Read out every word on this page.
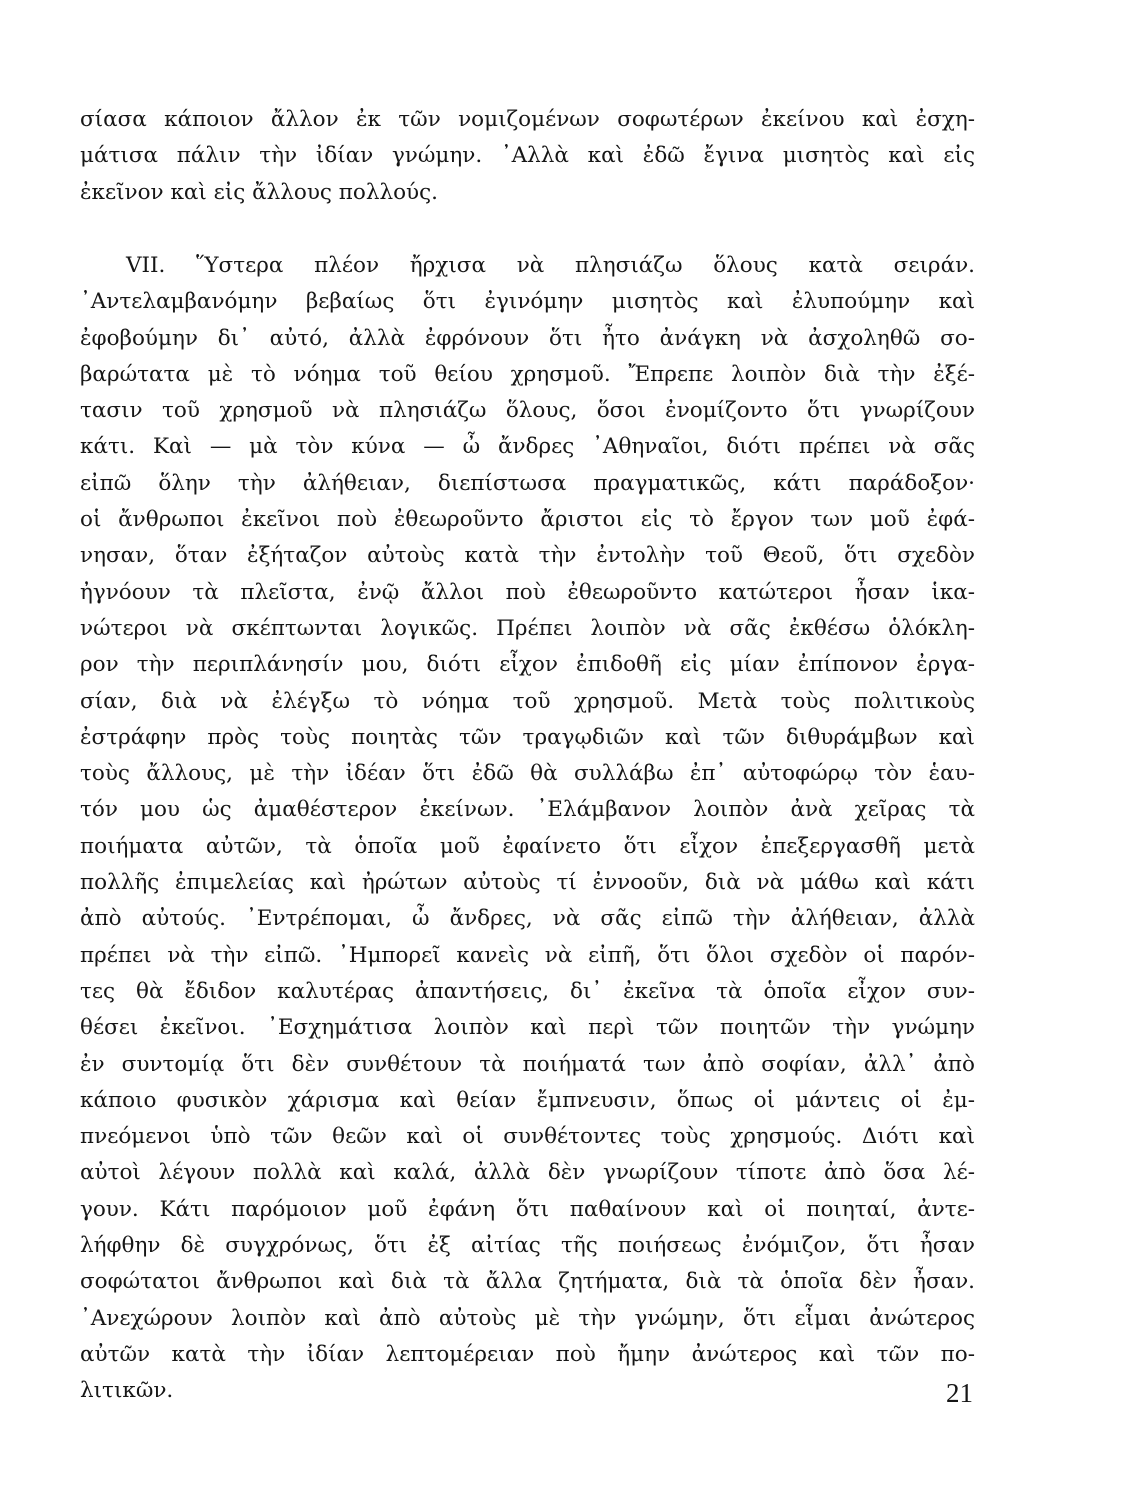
σίασα κάποιον ἄλλον ἐκ τῶν νομιζομένων σοφωτέρων ἐκείνου καὶ ἐσχη-
μάτισα πάλιν τὴν ἰδίαν γνώμην. ᾿Αλλὰ καὶ ἐδῶ ἔγινα μισητὸς καὶ εἰς
ἐκεῖνον καὶ εἰς ἄλλους πολλούς.
VII. Ὕστερα πλέον ἤρχισα νὰ πλησιάζω ὅλους κατὰ σειράν.
᾿Αντελαμβανόμην βεβαίως ὅτι ἐγινόμην μισητὸς καὶ ἐλυπούμην καὶ
ἐφοβούμην δι᾿ αὐτό, ἀλλὰ ἐφρόνουν ὅτι ἦτο ἀνάγκη νὰ ἀσχοληθῶ σο-
βαρώτατα μὲ τὸ νόημα τοῦ θείου χρησμοῦ. Ἔπρεπε λοιπὸν διὰ τὴν ἐξέ-
τασιν τοῦ χρησμοῦ νὰ πλησιάζω ὅλους, ὅσοι ἐνομίζοντο ὅτι γνωρίζουν
κάτι. Καὶ — μὰ τὸν κύνα — ὦ ἄνδρες ᾿Αθηναῖοι, διότι πρέπει νὰ σᾶς
εἰπῶ ὅλην τὴν ἀλήθειαν, διεπίστωσα πραγματικῶς, κάτι παράδοξον·
οἱ ἄνθρωποι ἐκεῖνοι ποὺ ἐθεωροῦντο ἄριστοι εἰς τὸ ἔργον των μοῦ ἐφά-
νησαν, ὅταν ἐξήταζον αὐτοὺς κατὰ τὴν ἐντολὴν τοῦ Θεοῦ, ὅτι σχεδὸν
ἠγνόουν τὰ πλεῖστα, ἐνῷ ἄλλοι ποὺ ἐθεωροῦντο κατώτεροι ἦσαν ἱκα-
νώτεροι νὰ σκέπτωνται λογικῶς. Πρέπει λοιπὸν νὰ σᾶς ἐκθέσω ὁλόκλη-
ρον τὴν περιπλάνησίν μου, διότι εἶχον ἐπιδοθῆ εἰς μίαν ἐπίπονον ἐργα-
σίαν, διὰ νὰ ἐλέγξω τὸ νόημα τοῦ χρησμοῦ. Μετὰ τοὺς πολιτικοὺς
ἐστράφην πρὸς τοὺς ποιητὰς τῶν τραγῳδιῶν καὶ τῶν διθυράμβων καὶ
τοὺς ἄλλους, μὲ τὴν ἰδέαν ὅτι ἐδῶ θὰ συλλάβω ἐπ᾿ αὐτοφώρῳ τὸν ἑαυ-
τόν μου ὡς ἀμαθέστερον ἐκείνων. ᾿Ελάμβανον λοιπὸν ἀνὰ χεῖρας τὰ
ποιήματα αὐτῶν, τὰ ὁποῖα μοῦ ἐφαίνετο ὅτι εἶχον ἐπεξεργασθῆ μετὰ
πολλῆς ἐπιμελείας καὶ ἠρώτων αὐτοὺς τί ἐννοοῦν, διὰ νὰ μάθω καὶ κάτι
ἀπὸ αὐτούς. ᾿Εντρέπομαι, ὦ ἄνδρες, νὰ σᾶς εἰπῶ τὴν ἀλήθειαν, ἀλλὰ
πρέπει νὰ τὴν εἰπῶ. ᾿Ημπορεῖ κανεὶς νὰ εἰπῆ, ὅτι ὅλοι σχεδὸν οἱ παρόν-
τες θὰ ἔδιδον καλυτέρας ἀπαντήσεις, δι᾿ ἐκεῖνα τὰ ὁποῖα εἶχον συν-
θέσει ἐκεῖνοι. ᾿Εσχημάτισα λοιπὸν καὶ περὶ τῶν ποιητῶν τὴν γνώμην
ἐν συντομίᾳ ὅτι δὲν συνθέτουν τὰ ποιήματά των ἀπὸ σοφίαν, ἀλλ᾿ ἀπὸ
κάποιο φυσικὸν χάρισμα καὶ θείαν ἔμπνευσιν, ὅπως οἱ μάντεις οἱ ἐμ-
πνεόμενοι ὑπὸ τῶν θεῶν καὶ οἱ συνθέτοντες τοὺς χρησμούς. Διότι καὶ
αὐτοὶ λέγουν πολλὰ καὶ καλά, ἀλλὰ δὲν γνωρίζουν τίποτε ἀπὸ ὅσα λέ-
γουν. Κάτι παρόμοιον μοῦ ἐφάνη ὅτι παθαίνουν καὶ οἱ ποιηταί, ἀντε-
λήφθην δὲ συγχρόνως, ὅτι ἐξ αἰτίας τῆς ποιήσεως ἐνόμιζον, ὅτι ἦσαν
σοφώτατοι ἄνθρωποι καὶ διὰ τὰ ἄλλα ζητήματα, διὰ τὰ ὁποῖα δὲν ἦσαν.
᾿Ανεχώρουν λοιπὸν καὶ ἀπὸ αὐτοὺς μὲ τὴν γνώμην, ὅτι εἶμαι ἀνώτερος
αὐτῶν κατὰ τὴν ἰδίαν λεπτομέρειαν ποὺ ἤμην ἀνώτερος καὶ τῶν πο-
λιτικῶν.	21
